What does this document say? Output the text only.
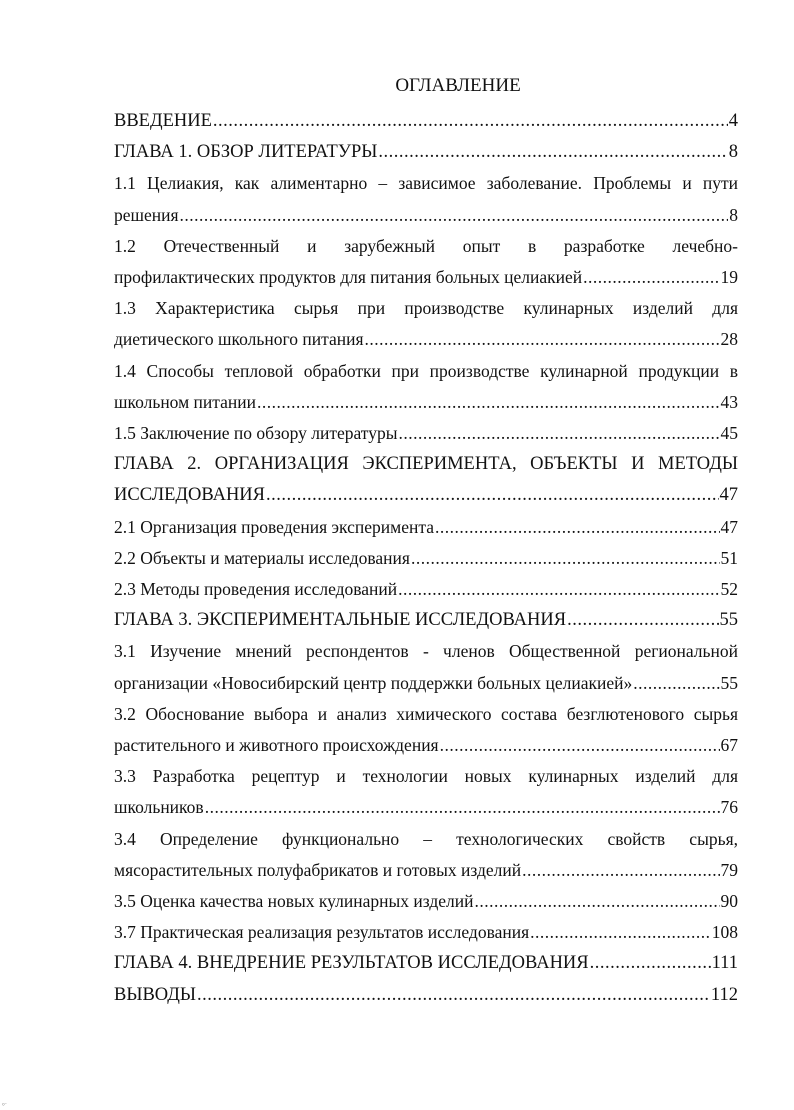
ОГЛАВЛЕНИЕ
ВВЕДЕНИЕ .....	4
ГЛАВА 1. ОБЗОР ЛИТЕРАТУРЫ .....	8
1.1 Целиакия, как алиментарно – зависимое заболевание. Проблемы и пути
решения .....	8
1.2 Отечественный и зарубежный опыт в разработке лечебно-
профилактических продуктов для питания больных целиакией .....	19
1.3 Характеристика сырья при производстве кулинарных изделий для
диетического школьного питания .....	28
1.4 Способы тепловой обработки при производстве кулинарной продукции в
школьном питании .....	43
1.5 Заключение по обзору литературы .....	45
ГЛАВА 2. ОРГАНИЗАЦИЯ ЭКСПЕРИМЕНТА, ОБЪЕКТЫ И МЕТОДЫ
ИССЛЕДОВАНИЯ .....	47
2.1 Организация проведения эксперимента .....	47
2.2 Объекты и материалы исследования .....	51
2.3 Методы проведения исследований .....	52
ГЛАВА 3. ЭКСПЕРИМЕНТАЛЬНЫЕ ИССЛЕДОВАНИЯ .....	55
3.1 Изучение мнений респондентов - членов Общественной региональной
организации «Новосибирский центр поддержки больных целиакией» .....	55
3.2 Обоснование выбора и анализ химического состава безглютенового сырья
растительного и животного происхождения .....	67
3.3 Разработка рецептур и технологии новых кулинарных изделий для
школьников .....	76
3.4 Определение функционально – технологических свойств сырья,
мясорастительных полуфабрикатов и готовых изделий .....	79
3.5 Оценка качества новых кулинарных изделий .....	90
3.7 Практическая реализация результатов исследования .....	108
ГЛАВА 4. ВНЕДРЕНИЕ РЕЗУЛЬТАТОВ ИССЛЕДОВАНИЯ .....	111
ВЫВОДЫ .....	112
°˙
